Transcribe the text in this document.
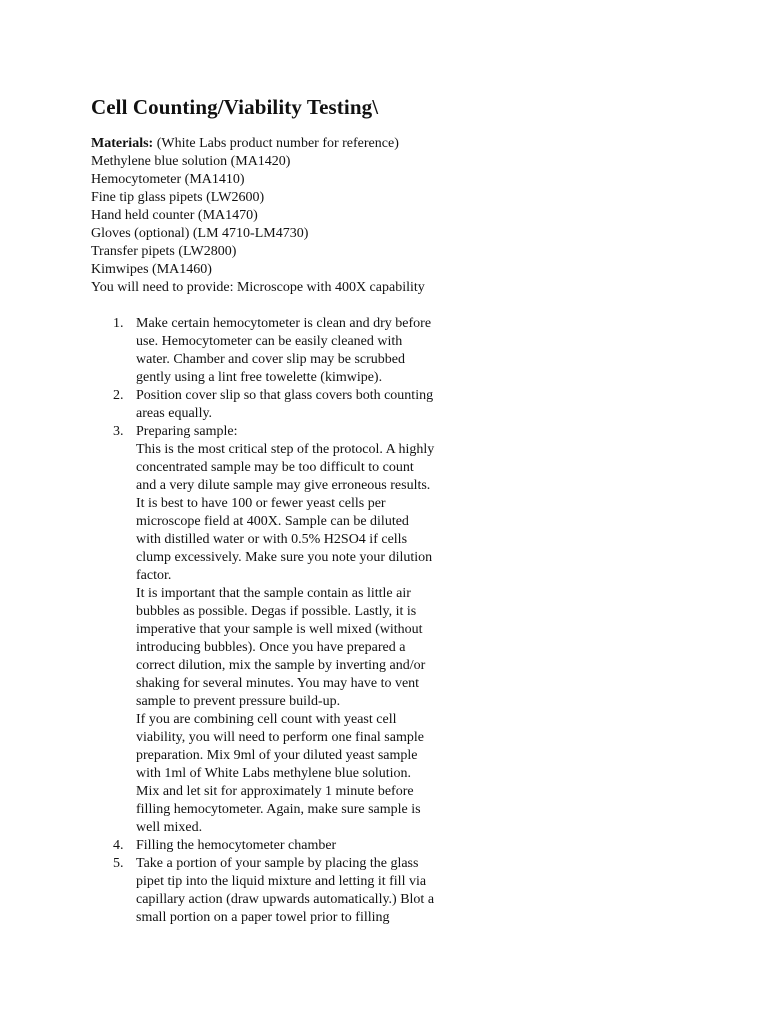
Cell Counting/Viability Testing\
Materials: (White Labs product number for reference)
Methylene blue solution (MA1420)
Hemocytometer (MA1410)
Fine tip glass pipets (LW2600)
Hand held counter (MA1470)
Gloves (optional) (LM 4710-LM4730)
Transfer pipets (LW2800)
Kimwipes (MA1460)
You will need to provide: Microscope with 400X capability
1. Make certain hemocytometer is clean and dry before
use. Hemocytometer can be easily cleaned with
water. Chamber and cover slip may be scrubbed
gently using a lint free towelette (kimwipe).
2. Position cover slip so that glass covers both counting
areas equally.
3. Preparing sample:
This is the most critical step of the protocol. A highly
concentrated sample may be too difficult to count
and a very dilute sample may give erroneous results.
It is best to have 100 or fewer yeast cells per
microscope field at 400X. Sample can be diluted
with distilled water or with 0.5% H2SO4 if cells
clump excessively. Make sure you note your dilution
factor.
It is important that the sample contain as little air
bubbles as possible. Degas if possible. Lastly, it is
imperative that your sample is well mixed (without
introducing bubbles). Once you have prepared a
correct dilution, mix the sample by inverting and/or
shaking for several minutes. You may have to vent
sample to prevent pressure build-up.
If you are combining cell count with yeast cell
viability, you will need to perform one final sample
preparation. Mix 9ml of your diluted yeast sample
with 1ml of White Labs methylene blue solution.
Mix and let sit for approximately 1 minute before
filling hemocytometer. Again, make sure sample is
well mixed.
4. Filling the hemocytometer chamber
5. Take a portion of your sample by placing the glass
pipet tip into the liquid mixture and letting it fill via
capillary action (draw upwards automatically.) Blot a
small portion on a paper towel prior to filling
